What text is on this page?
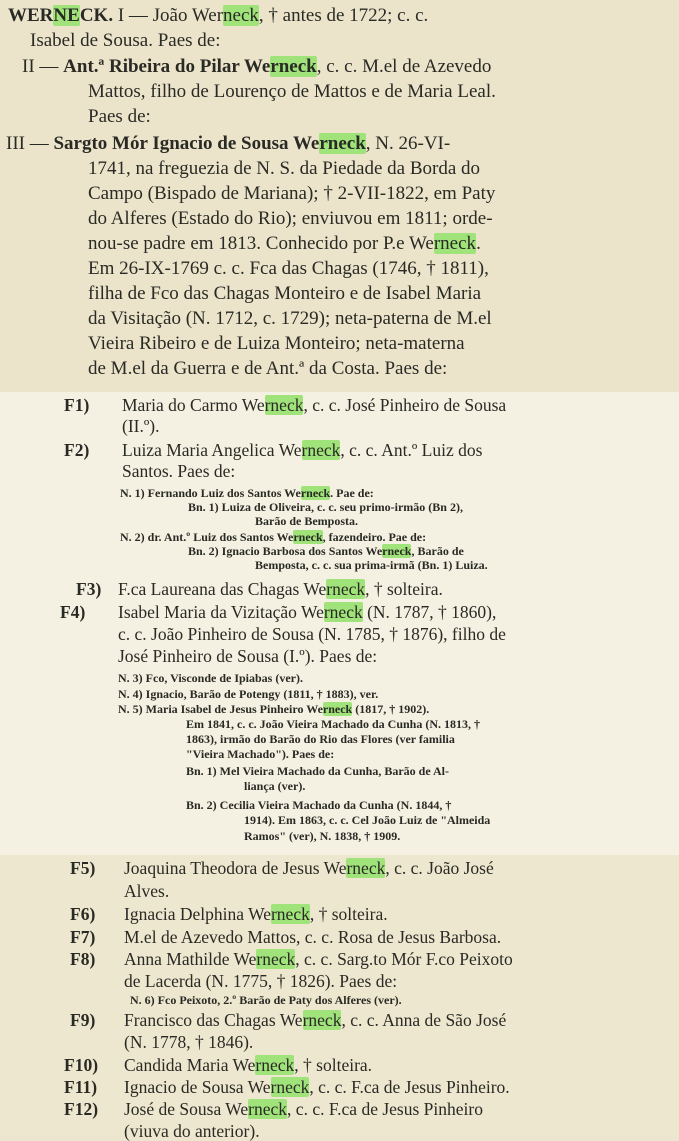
WERNECK. I — João Werneck, † antes de 1722; c. c.
Isabel de Sousa. Paes de:
II — Ant.ª Ribeira do Pilar Werneck, c. c. M.el de Azevedo
Mattos, filho de Lourenço de Mattos e de Maria Leal.
Paes de:
III — Sargto Mór Ignacio de Sousa Werneck, N. 26-VI-
1741, na freguezia de N. S. da Piedade da Borda do
Campo (Bispado de Mariana); † 2-VII-1822, em Paty
do Alferes (Estado do Rio); enviuvou em 1811; orde-
nou-se padre em 1813. Conhecido por P.e Werneck.
Em 26-IX-1769 c. c. Fca das Chagas (1746, † 1811),
filha de Fco das Chagas Monteiro e de Isabel Maria
da Visitação (N. 1712, c. 1729); neta-paterna de M.el
Vieira Ribeiro e de Luiza Monteiro; neta-materna
de M.el da Guerra e de Ant.ª da Costa. Paes de:
F1) Maria do Carmo Werneck, c. c. José Pinheiro de Sousa
(II.º).
F2) Luiza Maria Angelica Werneck, c. c. Ant.º Luiz dos
Santos. Paes de:
N. 1) Fernando Luiz dos Santos Werneck. Pae de:
Bn. 1) Luiza de Oliveira, c. c. seu primo-irmão (Bn 2),
Barão de Bemposta.
N. 2) dr. Ant.º Luiz dos Santos Werneck, fazendeiro. Pae de:
Bn. 2) Ignacio Barbosa dos Santos Werneck, Barão de
Bemposta, c. c. sua prima-irmã (Bn. 1) Luiza.
F3) F.ca Laureana das Chagas Werneck, † solteira.
F4) Isabel Maria da Vizitação Werneck (N. 1787, † 1860),
c. c. João Pinheiro de Sousa (N. 1785, † 1876), filho de
José Pinheiro de Sousa (I.º). Paes de:
N. 3) Fco, Visconde de Ipiabas (ver).
N. 4) Ignacio, Barão de Potengy (1811, † 1883), ver.
N. 5) Maria Isabel de Jesus Pinheiro Werneck (1817, † 1902).
Em 1841, c. c. João Vieira Machado da Cunha (N. 1813, †
1863), irmão do Barão do Rio das Flores (ver familia
"Vieira Machado"). Paes de:
Bn. 1) Mel Vieira Machado da Cunha, Barão de Al-
liança (ver).
Bn. 2) Cecilia Vieira Machado da Cunha (N. 1844, †
1914). Em 1863, c. c. Cel João Luiz de "Almeida
Ramos" (ver), N. 1838, † 1909.
F5) Joaquina Theodora de Jesus Werneck, c. c. João José
Alves.
F6) Ignacia Delphina Werneck, † solteira.
F7) M.el de Azevedo Mattos, c. c. Rosa de Jesus Barbosa.
F8) Anna Mathilde Werneck, c. c. Sarg.to Mór F.co Peixoto
de Lacerda (N. 1775, † 1826). Paes de:
N. 6) Fco Peixoto, 2.º Barão de Paty dos Alferes (ver).
F9) Francisco das Chagas Werneck, c. c. Anna de São José
(N. 1778, † 1846).
F10) Candida Maria Werneck, † solteira.
F11) Ignacio de Sousa Werneck, c. c. F.ca de Jesus Pinheiro.
F12) José de Sousa Werneck, c. c. F.ca de Jesus Pinheiro
(viuva do anterior).
